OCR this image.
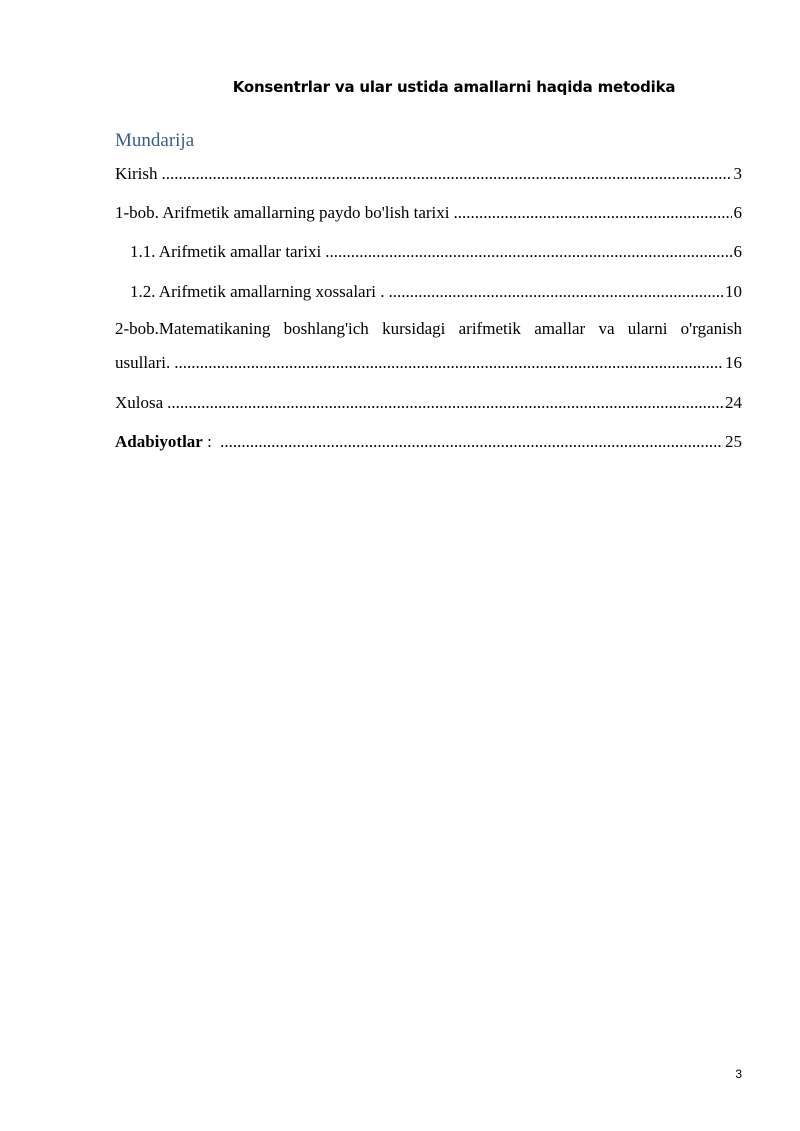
Konsentrlar va ular ustida amallarni haqida metodika
Mundarija
Kirish .....	3
1-bob. Arifmetik amallarning paydo bo'lish tarixi .....	6
1.1. Arifmetik amallar tarixi .....	6
1.2. Arifmetik amallarning xossalari . .....	10
2-bob.Matematikaning boshlang'ich kursidagi arifmetik amallar va ularni o'rganish
usullari. .....	16
Xulosa .....	24
Adabiyotlar : .....	25
3
